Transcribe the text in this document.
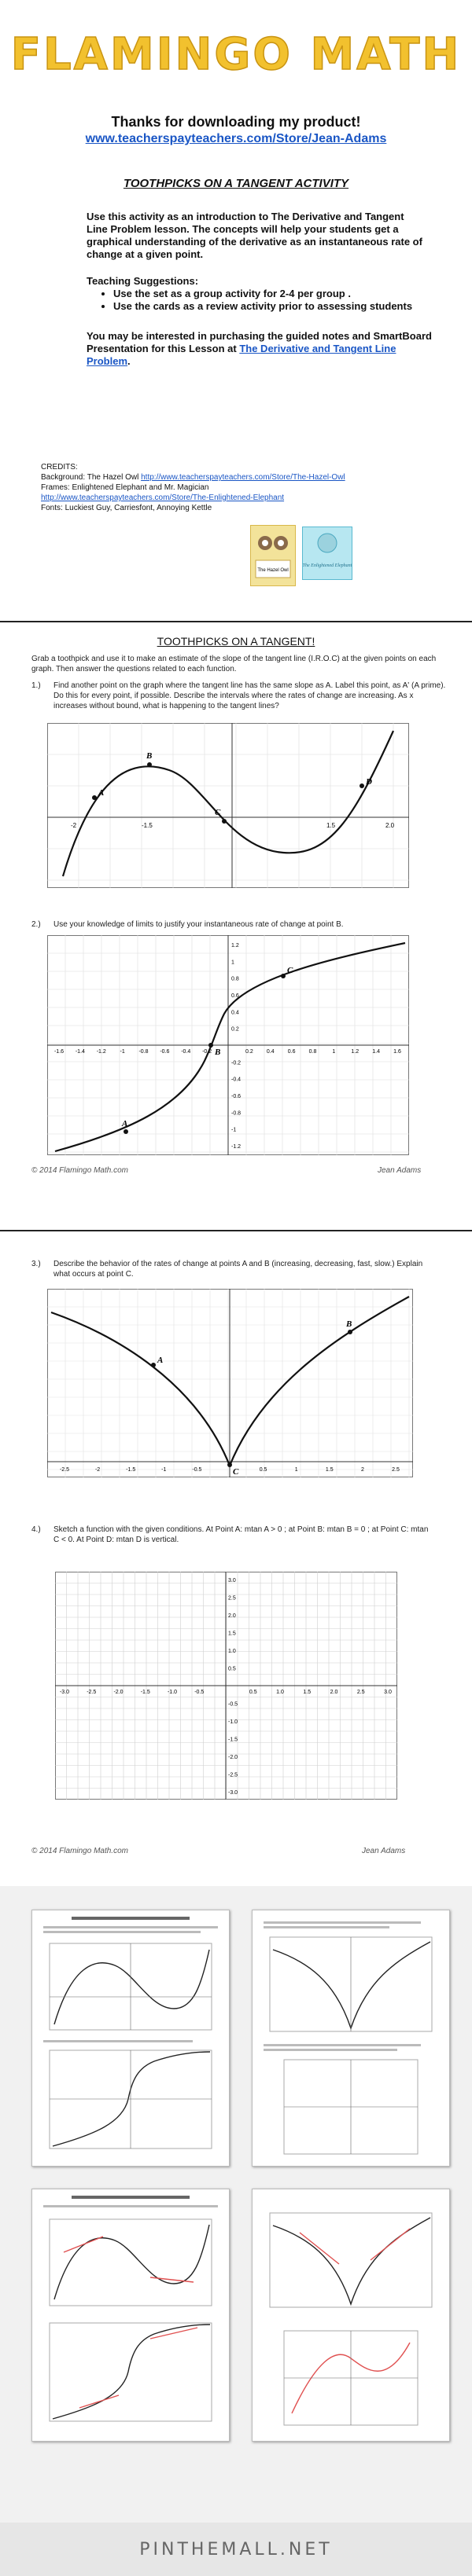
FLAMINGO MATH
Thanks for downloading my product!
www.teacherspayteachers.com/Store/Jean-Adams
TOOTHPICKS ON A TANGENT ACTIVITY
Use this activity as an introduction to The Derivative and Tangent Line Problem lesson. The concepts will help your students get a graphical understanding of the derivative as an instantaneous rate of change at a given point.
Teaching Suggestions:
• Use the set as a group activity for 2-4 per group .
• Use the cards as a review activity prior to assessing students
You may be interested in purchasing the guided notes and SmartBoard Presentation for this Lesson at The Derivative and Tangent Line Problem.
CREDITS:
Background: The Hazel Owl http://www.teacherspayteachers.com/Store/The-Hazel-Owl
Frames: Enlightened Elephant and Mr. Magician
http://www.teacherspayteachers.com/Store/The-Enlightened-Elephant
Fonts: Luckiest Guy, Carriesfont, Annoying Kettle
The Hazel Owl
The Enlightened Elephant
TOOTHPICKS ON A TANGENT!
Grab a toothpick and use it to make an estimate of the slope of the tangent line (I.R.O.C) at the given points on each graph. Then answer the questions related to each function.
1.) Find another point on the graph where the tangent line has the same slope as A. Label this point, as A' (A prime). Do this for every point, if possible. Describe the intervals where the rates of change are increasing. As x increases without bound, what is happening to the tangent lines?
A
B
C
D
-2	-1.5	1.5	2.0
2.) Use your knowledge of limits to justify your instantaneous rate of change at point B.
-1.6 -1.4 -1.2	-1	-0.8 -0.6 -0.4 -0.2	0.2 0.4 0.6 0.8	1	1.2 1.4 1.6
1.2
1
0.8
0.6
0.4
0.2
-0.2
-0.4
-0.6
-0.8
-1
-1.2
A
B
C
© 2014 Flamingo Math.com	Jean Adams
3.) Describe the behavior of the rates of change at points A and B (increasing, decreasing, fast, slow.) Explain what occurs at point C.
-2.5	-2	-1.5	-1	-0.5	0.5	1	1.5	2	2.5
A
B
C
4.) Sketch a function with the given conditions. At Point A: mtan A > 0 ; at Point B: mtan B = 0 ; at Point C: mtan C < 0. At Point D: mtan D is vertical.
-3.0	-2.5	-2.0	-1.5	-1.0	-0.5	0.5	1.0	1.5	2.0	2.5	3.0
3.0
2.5
2.0
1.5
1.0
0.5
-0.5
-1.0
-1.5
-2.0
-2.5
-3.0
© 2014 Flamingo Math.com	Jean Adams
PINTHEMALL.NET
